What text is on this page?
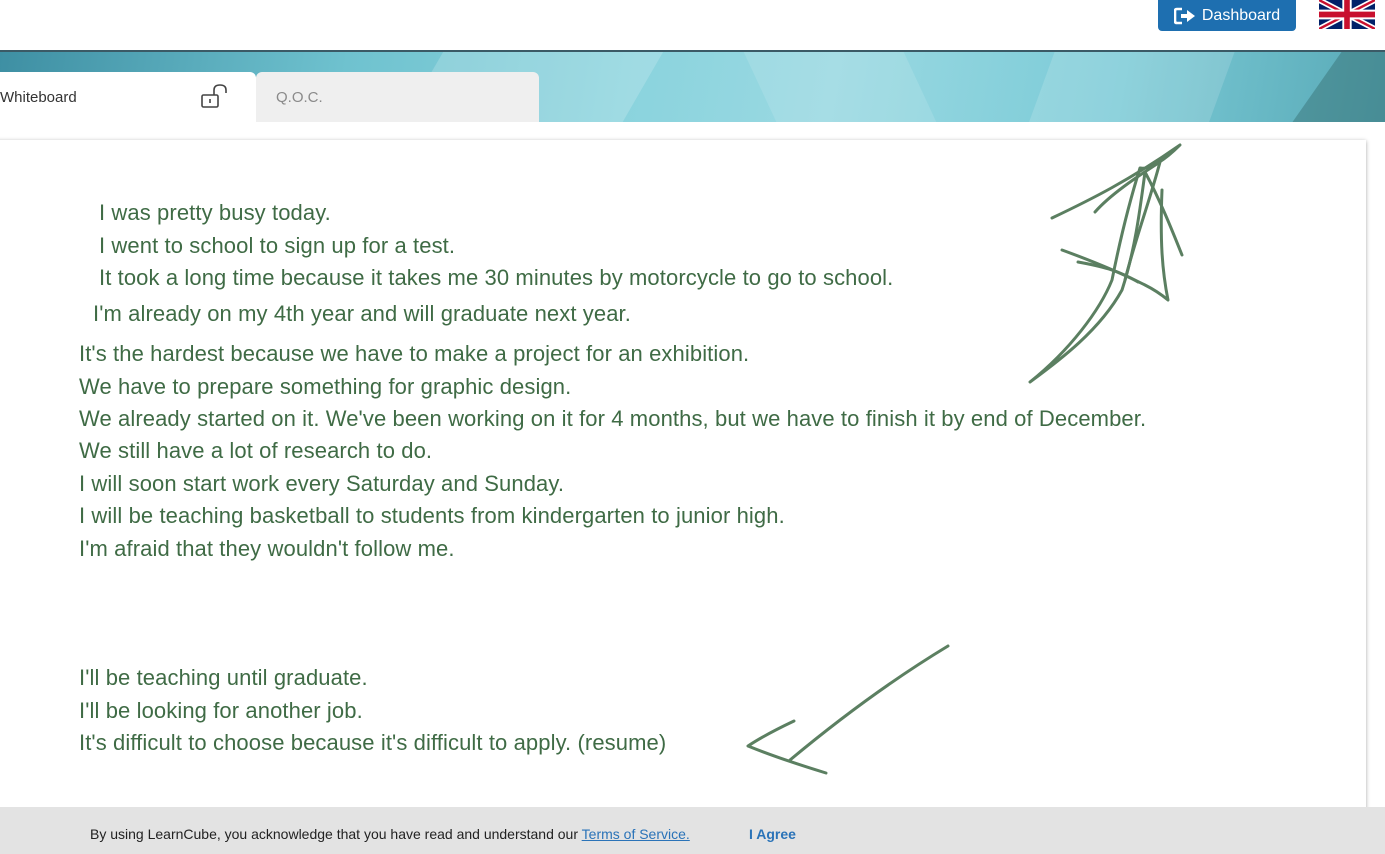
Dashboard
Whiteboard	Q.O.C.
I was pretty busy today.
I went to school to sign up for a test.
It took a long time because it takes me 30 minutes by motorcycle to go to school.
I'm already on my 4th year and will graduate next year.
It's the hardest because we have to make a project for an exhibition.
We have to prepare something for graphic design.
We already started on it. We've been working on it for 4 months, but we have to finish it by end of December.
We still have a lot of research to do.
I will soon start work every Saturday and Sunday.
I will be teaching basketball to students from kindergarten to junior high.
I'm afraid that they wouldn't follow me.
I'll be teaching until graduate.
I'll be looking for another job.
It's difficult to choose because it's difficult to apply. (resume)
By using LearnCube, you acknowledge that you have read and understand our Terms of Service.	I Agree
